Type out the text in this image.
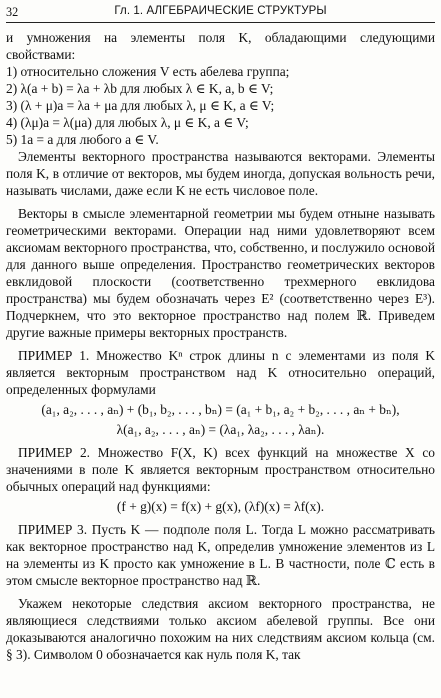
32	Гл. 1. АЛГЕБРАИЧЕСКИЕ СТРУКТУРЫ

и умножения на элементы поля K, обладающими следующими свойствами:

1) относительно сложения V есть абелева группа;

2) λ(a + b) = λa + λb для любых λ ∈ K, a, b ∈ V;

3) (λ + μ)a = λa + μa для любых λ, μ ∈ K, a ∈ V;

4) (λμ)a = λ(μa) для любых λ, μ ∈ K, a ∈ V;

5) 1a = a для любого a ∈ V.

Элементы векторного пространства называются векторами. Элементы поля K, в отличие от векторов, мы будем иногда, допуская вольность речи, называть числами, даже если K не есть числовое поле.

Векторы в смысле элементарной геометрии мы будем отныне называть геометрическими векторами. Операции над ними удовлетворяют всем аксиомам векторного пространства, что, собственно, и послужило основой для данного выше определения. Пространство геометрических векторов евклидовой плоскости (соответственно трехмерного евклидова пространства) мы будем обозначать через E² (соответственно через E³). Подчеркнем, что это векторное пространство над полем ℝ. Приведем другие важные примеры векторных пространств.

ПРИМЕР 1. Множество Kⁿ строк длины n с элементами из поля K является векторным пространством над K относительно операций, определенных формулами

(a₁, a₂, . . . , aₙ) + (b₁, b₂, . . . , bₙ) = (a₁ + b₁, a₂ + b₂, . . . , aₙ + bₙ),

λ(a₁, a₂, . . . , aₙ) = (λa₁, λa₂, . . . , λaₙ).

ПРИМЕР 2. Множество F(X, K) всех функций на множестве X со значениями в поле K является векторным пространством относительно обычных операций над функциями:

(f + g)(x) = f(x) + g(x), (λf)(x) = λf(x).

ПРИМЕР 3. Пусть K — подполе поля L. Тогда L можно рассматривать как векторное пространство над K, определив умножение элементов из L на элементы из K просто как умножение в L. В частности, поле ℂ есть в этом смысле векторное пространство над ℝ.

Укажем некоторые следствия аксиом векторного пространства, не являющиеся следствиями только аксиом абелевой группы. Все они доказываются аналогично похожим на них следствиям аксиом кольца (см. § 3). Символом 0 обозначается как нуль поля K, так
